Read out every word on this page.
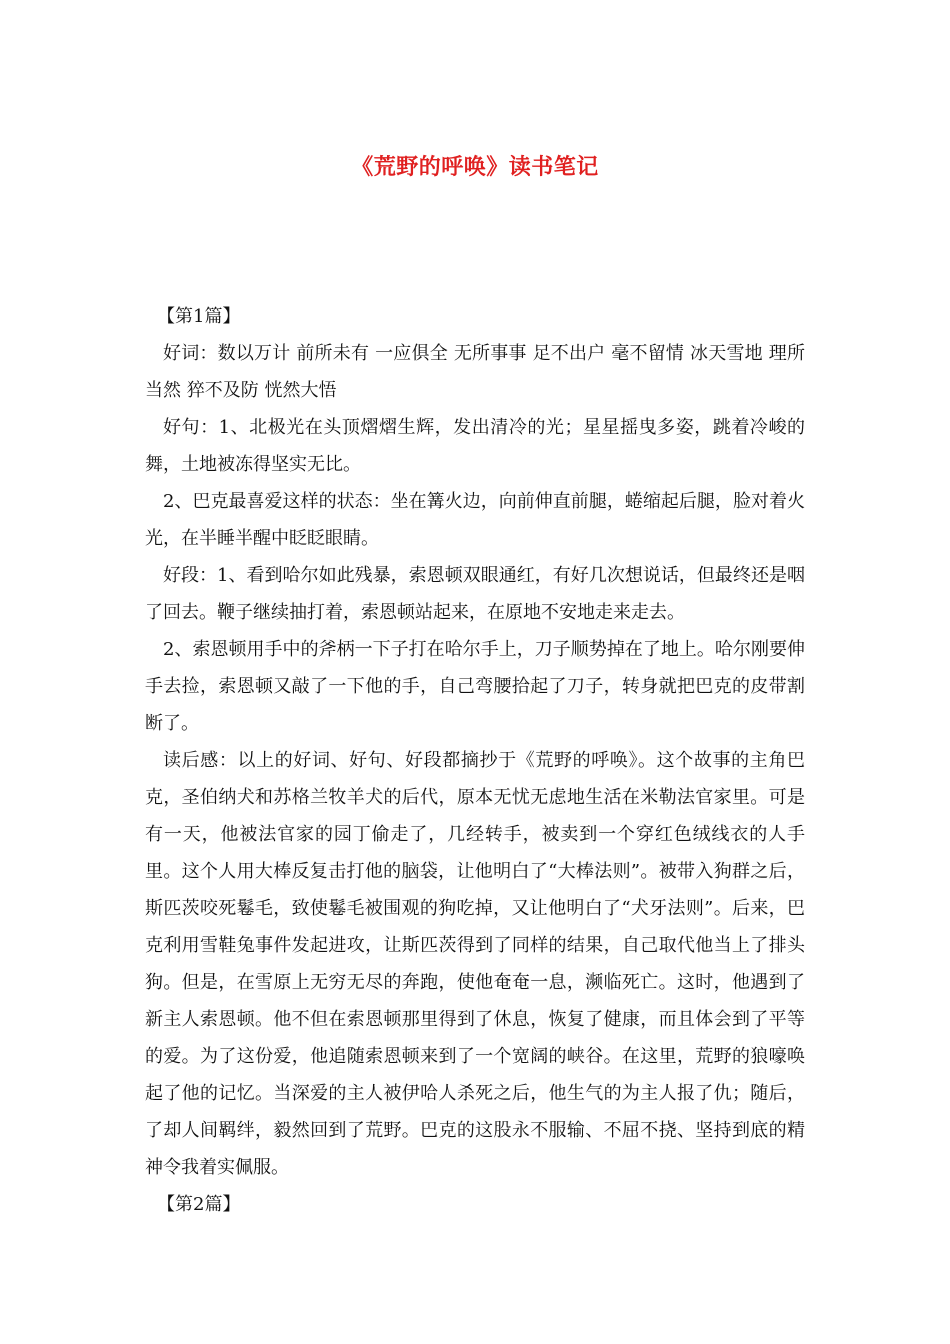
《荒野的呼唤》读书笔记

【第1篇】

好词：数以万计 前所未有 一应俱全 无所事事 足不出户 毫不留情 冰天雪地 理所当然 猝不及防 恍然大悟

好句：1、北极光在头顶熠熠生辉，发出清冷的光；星星摇曳多姿，跳着冷峻的舞，土地被冻得坚实无比。

2、巴克最喜爱这样的状态：坐在篝火边，向前伸直前腿，蜷缩起后腿，脸对着火光，在半睡半醒中眨眨眼睛。

好段：1、看到哈尔如此残暴，索恩顿双眼通红，有好几次想说话，但最终还是咽了回去。鞭子继续抽打着，索恩顿站起来，在原地不安地走来走去。

2、索恩顿用手中的斧柄一下子打在哈尔手上，刀子顺势掉在了地上。哈尔刚要伸手去捡，索恩顿又敲了一下他的手，自己弯腰拾起了刀子，转身就把巴克的皮带割断了。

读后感：以上的好词、好句、好段都摘抄于《荒野的呼唤》。这个故事的主角巴克，圣伯纳犬和苏格兰牧羊犬的后代，原本无忧无虑地生活在米勒法官家里。可是有一天，他被法官家的园丁偷走了，几经转手，被卖到一个穿红色绒线衣的人手里。这个人用大棒反复击打他的脑袋，让他明白了“大棒法则”。被带入狗群之后，斯匹茨咬死鬈毛，致使鬈毛被围观的狗吃掉，又让他明白了“犬牙法则”。后来，巴克利用雪鞋兔事件发起进攻，让斯匹茨得到了同样的结果，自己取代他当上了排头狗。但是，在雪原上无穷无尽的奔跑，使他奄奄一息，濒临死亡。这时，他遇到了新主人索恩顿。他不但在索恩顿那里得到了休息，恢复了健康，而且体会到了平等的爱。为了这份爱，他追随索恩顿来到了一个宽阔的峡谷。在这里，荒野的狼嚎唤起了他的记忆。当深爱的主人被伊哈人杀死之后，他生气的为主人报了仇；随后，了却人间羁绊，毅然回到了荒野。巴克的这股永不服输、不屈不挠、坚持到底的精神令我着实佩服。

【第2篇】
